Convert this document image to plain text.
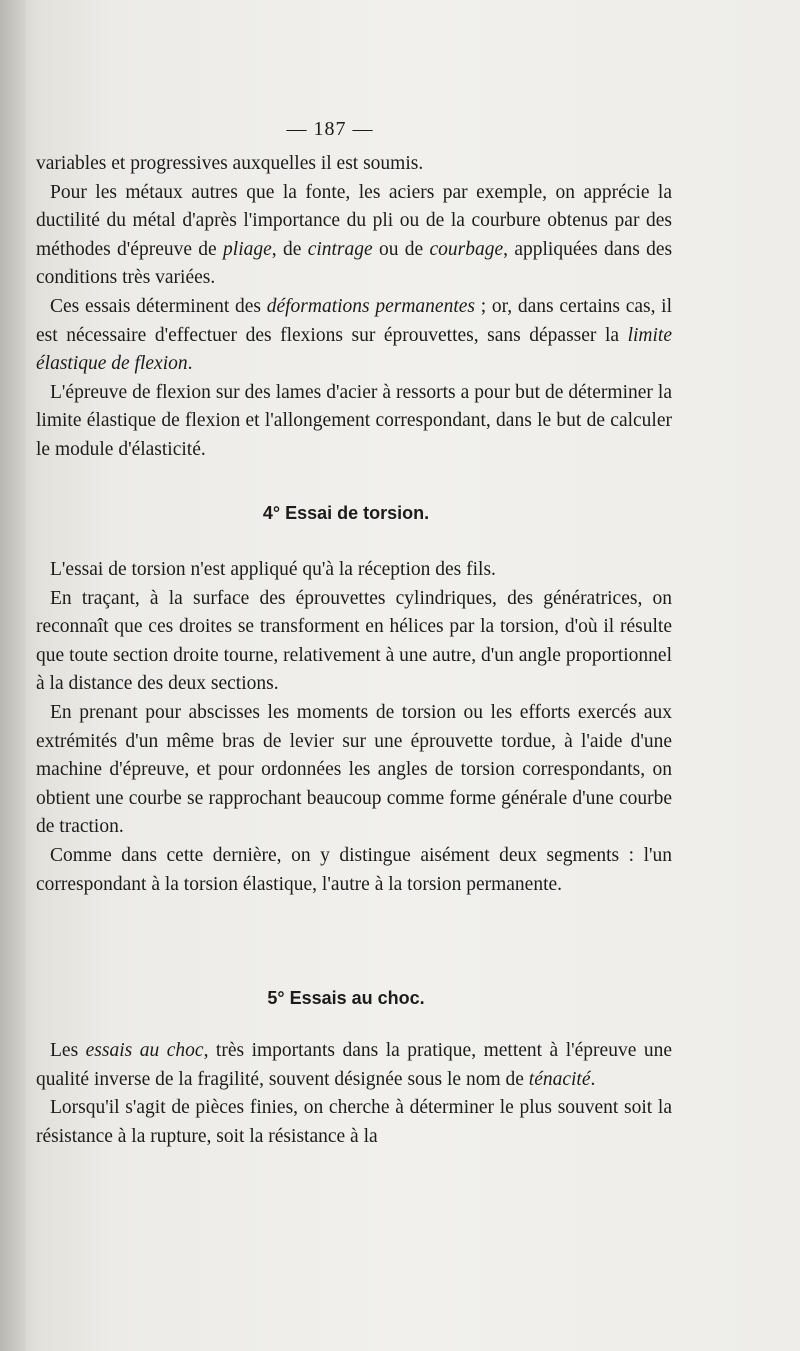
— 187 —

variables et progressives auxquelles il est soumis.

Pour les métaux autres que la fonte, les aciers par exemple, on apprécie la ductilité du métal d'après l'importance du pli ou de la courbure obtenus par des méthodes d'épreuve de pliage, de cintrage ou de courbage, appliquées dans des conditions très variées.

Ces essais déterminent des déformations permanentes ; or, dans certains cas, il est nécessaire d'effectuer des flexions sur éprouvettes, sans dépasser la limite élastique de flexion.

L'épreuve de flexion sur des lames d'acier à ressorts a pour but de déterminer la limite élastique de flexion et l'allongement correspondant, dans le but de calculer le module d'élasticité.

4° Essai de torsion.

L'essai de torsion n'est appliqué qu'à la réception des fils.

En traçant, à la surface des éprouvettes cylindriques, des génératrices, on reconnaît que ces droites se transforment en hélices par la torsion, d'où il résulte que toute section droite tourne, relativement à une autre, d'un angle proportionnel à la distance des deux sections.

En prenant pour abscisses les moments de torsion ou les efforts exercés aux extrémités d'un même bras de levier sur une éprouvette tordue, à l'aide d'une machine d'épreuve, et pour ordonnées les angles de torsion correspondants, on obtient une courbe se rapprochant beaucoup comme forme générale d'une courbe de traction.

Comme dans cette dernière, on y distingue aisément deux segments : l'un correspondant à la torsion élastique, l'autre à la torsion permanente.

5° Essais au choc.

Les essais au choc, très importants dans la pratique, mettent à l'épreuve une qualité inverse de la fragilité, souvent désignée sous le nom de ténacité.

Lorsqu'il s'agit de pièces finies, on cherche à déterminer le plus souvent soit la résistance à la rupture, soit la résistance à la
